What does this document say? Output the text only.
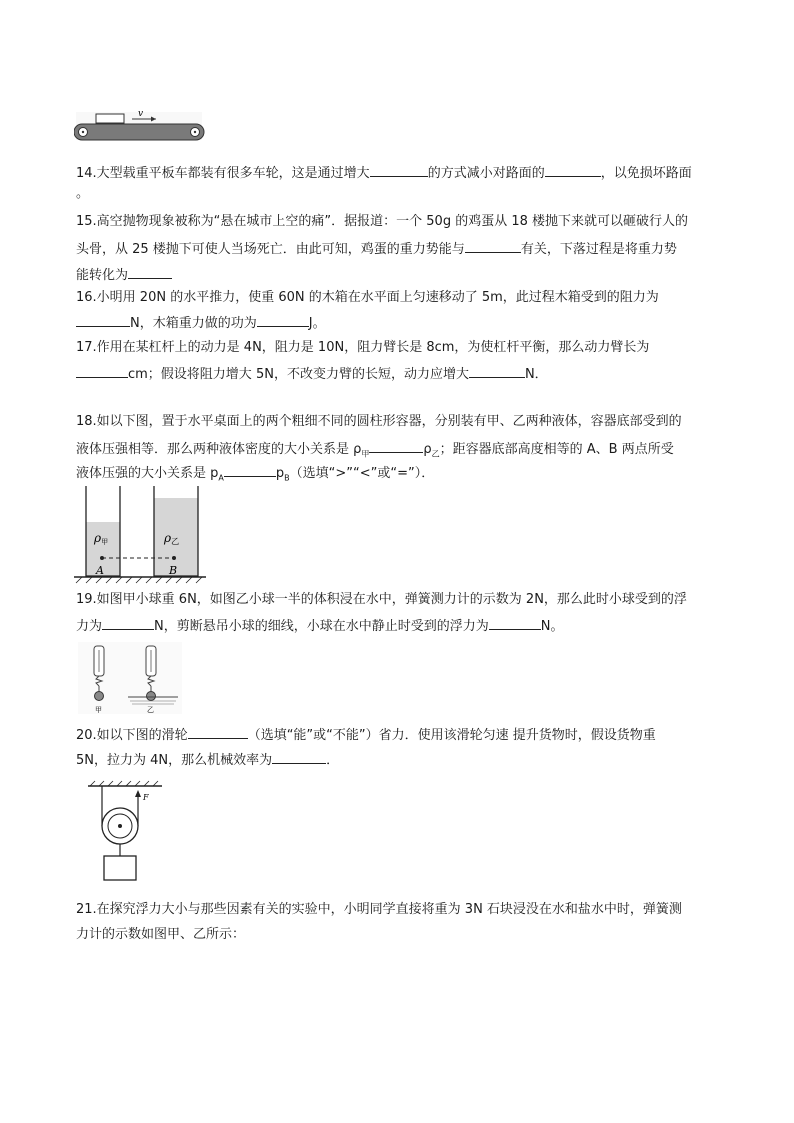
v
14.大型载重平板车都装有很多车轮，这是通过增大	的方式减小对路面的	，以免损坏路面
。
15.高空抛物现象被称为“悬在城市上空的痛”．据报道：一个 50g 的鸡蛋从 18 楼抛下来就可以砸破行人的
头骨，从 25 楼抛下可使人当场死亡．由此可知，鸡蛋的重力势能与	有关，下落过程是将重力势
能转化为
16.小明用 20N 的水平推力，使重 60N 的木箱在水平面上匀速移动了 5m，此过程木箱受到的阻力为
N，木箱重力做的功为	J。
17.作用在某杠杆上的动力是 4N，阻力是 10N，阻力臂长是 8cm，为使杠杆平衡，那么动力臂长为
cm；假设将阻力增大 5N，不改变力臂的长短，动力应增大	N．
18.如以下图，置于水平桌面上的两个粗细不同的圆柱形容器，分别装有甲、乙两种液体，容器底部受到的
液体压强相等．那么两种液体密度的大小关系是 $\rho_甲$	$\rho_乙$；距容器底部高度相等的 A、B 两点所受
液体压强的大小关系是 $p_A$	$p_B$（选填“>”“<”或“=”）．
ρ甲	ρ乙
A	B
19.如图甲小球重 6N，如图乙小球一半的体积浸在水中，弹簧测力计的示数为 2N，那么此时小球受到的浮
力为	N，剪断悬吊小球的细线，小球在水中静止时受到的浮力为	N。
甲	乙
20.如以下图的滑轮	（选填“能”或“不能”）省力．使用该滑轮匀速 提升货物时，假设货物重
5N，拉力为 4N，那么机械效率为	．
F
21.在探究浮力大小与那些因素有关的实验中，小明同学直接将重为 3N 石块浸没在水和盐水中时，弹簧测
力计的示数如图甲、乙所示：
